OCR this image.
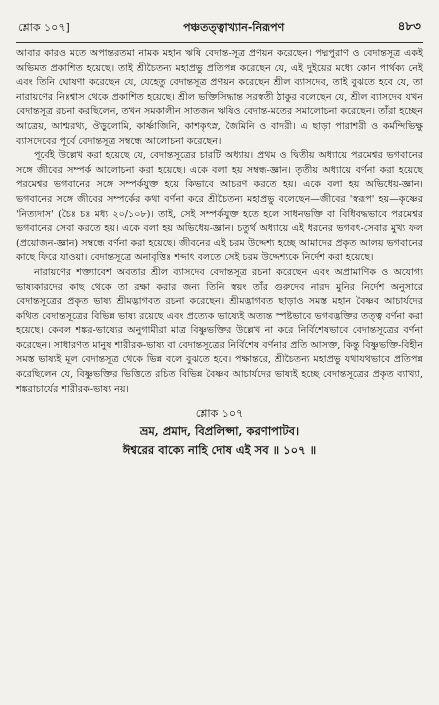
শ্লোক ১০৭]	পঞ্চতত্ত্বাখ্যান-নিরূপণ	৪৮৩

আবার কারও মতে অপান্তরতমা নামক মহান ঋষি বেদান্ত-সূত্র প্রণয়ন করেছেন। পদ্মপুরাণ ও বেদান্তসূত্র একই অভিমত প্রকাশিত হয়েছে। তাই শ্রীচৈতন্য মহাপ্রভু প্রতিপন্ন করেছেন যে, এই দুইয়ের মধ্যে কোন পার্থক্য নেই এবং তিনি ঘোষণা করেছেন যে, যেহেতু বেদান্তসূত্র প্রণয়ন করেছেন শ্রীল ব্যাসদেব, তাই বুঝতে হবে যে, তা নারায়ণের নিঃশ্বাস থেকে প্রকাশিত হয়েছে। শ্রীল ভক্তিসিদ্ধান্ত সরস্বতী ঠাকুর বলেছেন যে, শ্রীল ব্যাসদেব যখন বেদান্তসূত্র রচনা করছিলেন, তখন সমকালীন সাতজন ঋষিও বেদান্ত-মতের সমালোচনা করেছেন। তাঁরা হচ্ছেন আত্রেয়, আশ্মরথ্য, ঔড়ুলোমি, কার্ষ্ণাজিনি, কাশকৃৎস্ন, জৈমিনি ও বাদরী। এ ছাড়া পারাশরী ও কর্মন্দিভিক্ষু ব্যাসদেবের পূর্বে বেদান্তসূত্র সম্বন্ধে আলোচনা করেছেন।

পূর্বেই উল্লেখ করা হয়েছে যে, বেদান্তসূত্রের চারটি অধ্যায়। প্রথম ও দ্বিতীয় অধ্যায়ে পরমেশ্বর ভগবানের সঙ্গে জীবের সম্পর্ক আলোচনা করা হয়েছে। একে বলা হয় সম্বন্ধ-জ্ঞান। তৃতীয় অধ্যায়ে বর্ণনা করা হয়েছে পরমেশ্বর ভগবানের সঙ্গে সম্পর্কযুক্ত হয়ে কিভাবে আচরণ করতে হয়। একে বলা হয় অভিধেয়-জ্ঞান। ভগবানের সঙ্গে জীবের সম্পর্কের কথা বর্ণনা করে শ্রীচৈতন্য মহাপ্রভু বলেছেন—জীবের 'স্বরূপ' হয়—কৃষ্ণের 'নিত্যদাস' (চৈঃ চঃ মধ্য ২০/১০৮)। তাই, সেই সম্পর্কযুক্ত হতে হলে সাধনভক্তি বা বিধিবদ্ধভাবে পরমেশ্বর ভগবানের সেবা করতে হয়। একে বলা হয় অভিধেয়-জ্ঞান। চতুর্থ অধ্যায়ে এই ধরনের ভগবৎ-সেবার মুখ্য ফল (প্রয়োজন-জ্ঞান) সম্বন্ধে বর্ণনা করা হয়েছে। জীবনের এই চরম উদ্দেশ্য হচ্ছে আমাদের প্রকৃত আলয় ভগবানের কাছে ফিরে যাওয়া। বেদান্তসূত্রে অনাবৃত্তিঃ শব্দাৎ বলতে সেই চরম উদ্দেশ্যকে নির্দেশ করা হয়েছে।

নারায়ণের শক্ত্যাবেশ অবতার শ্রীল ব্যাসদেব বেদান্তসূত্র রচনা করেছেন এবং অপ্রামাণিক ও অযোগ্য ভাষ্যকারদের কাছ থেকে তা রক্ষা করার জন্য তিনি স্বয়ং তাঁর গুরুদেব নারদ মুনির নির্দেশ অনুসারে বেদান্তসূত্রের প্রকৃত ভাষ্য শ্রীমদ্ভাগবত রচনা করেছেন। শ্রীমদ্ভাগবত ছাড়াও সমস্ত মহান বৈষ্ণব আচার্যদের কথিত বেদান্তসূত্রের বিভিন্ন ভাষ্য রয়েছে এবং প্রত্যেক ভাষ্যেই অত্যন্ত স্পষ্টভাবে ভগবদ্ভক্তির তত্ত্ব বর্ণনা করা হয়েছে। কেবল শঙ্কর-ভাষ্যের অনুগামীরা মাত্র বিষ্ণুভক্তির উল্লেখ না করে নির্বিশেষভাবে বেদান্তসূত্রের বর্ণনা করেছেন। সাধারণত মানুষ শারীরক-ভাষ্য বা বেদান্তসূত্রের নির্বিশেষ বর্ণনার প্রতি আসক্ত, কিন্তু বিষ্ণুভক্তি-বিহীন সমস্ত ভাষ্যই মূল বেদান্তসূত্র থেকে ভিন্ন বলে বুঝতে হবে। পক্ষান্তরে, শ্রীচৈতন্য মহাপ্রভু যথাযথভাবে প্রতিপন্ন করেছিলেন যে, বিষ্ণুভক্তির ভিত্তিতে রচিত বিভিন্ন বৈষ্ণব আচার্যদের ভাষ্যই হচ্ছে বেদান্তসূত্রের প্রকৃত ব্যাখ্যা, শঙ্করাচার্যের শারীরক-ভাষ্য নয়।

শ্লোক ১০৭
ভ্রম, প্রমাদ, বিপ্রলিপ্সা, করণাপাটব।
ঈশ্বরের বাক্যে নাহি দোষ এই সব ॥ ১০৭ ॥
